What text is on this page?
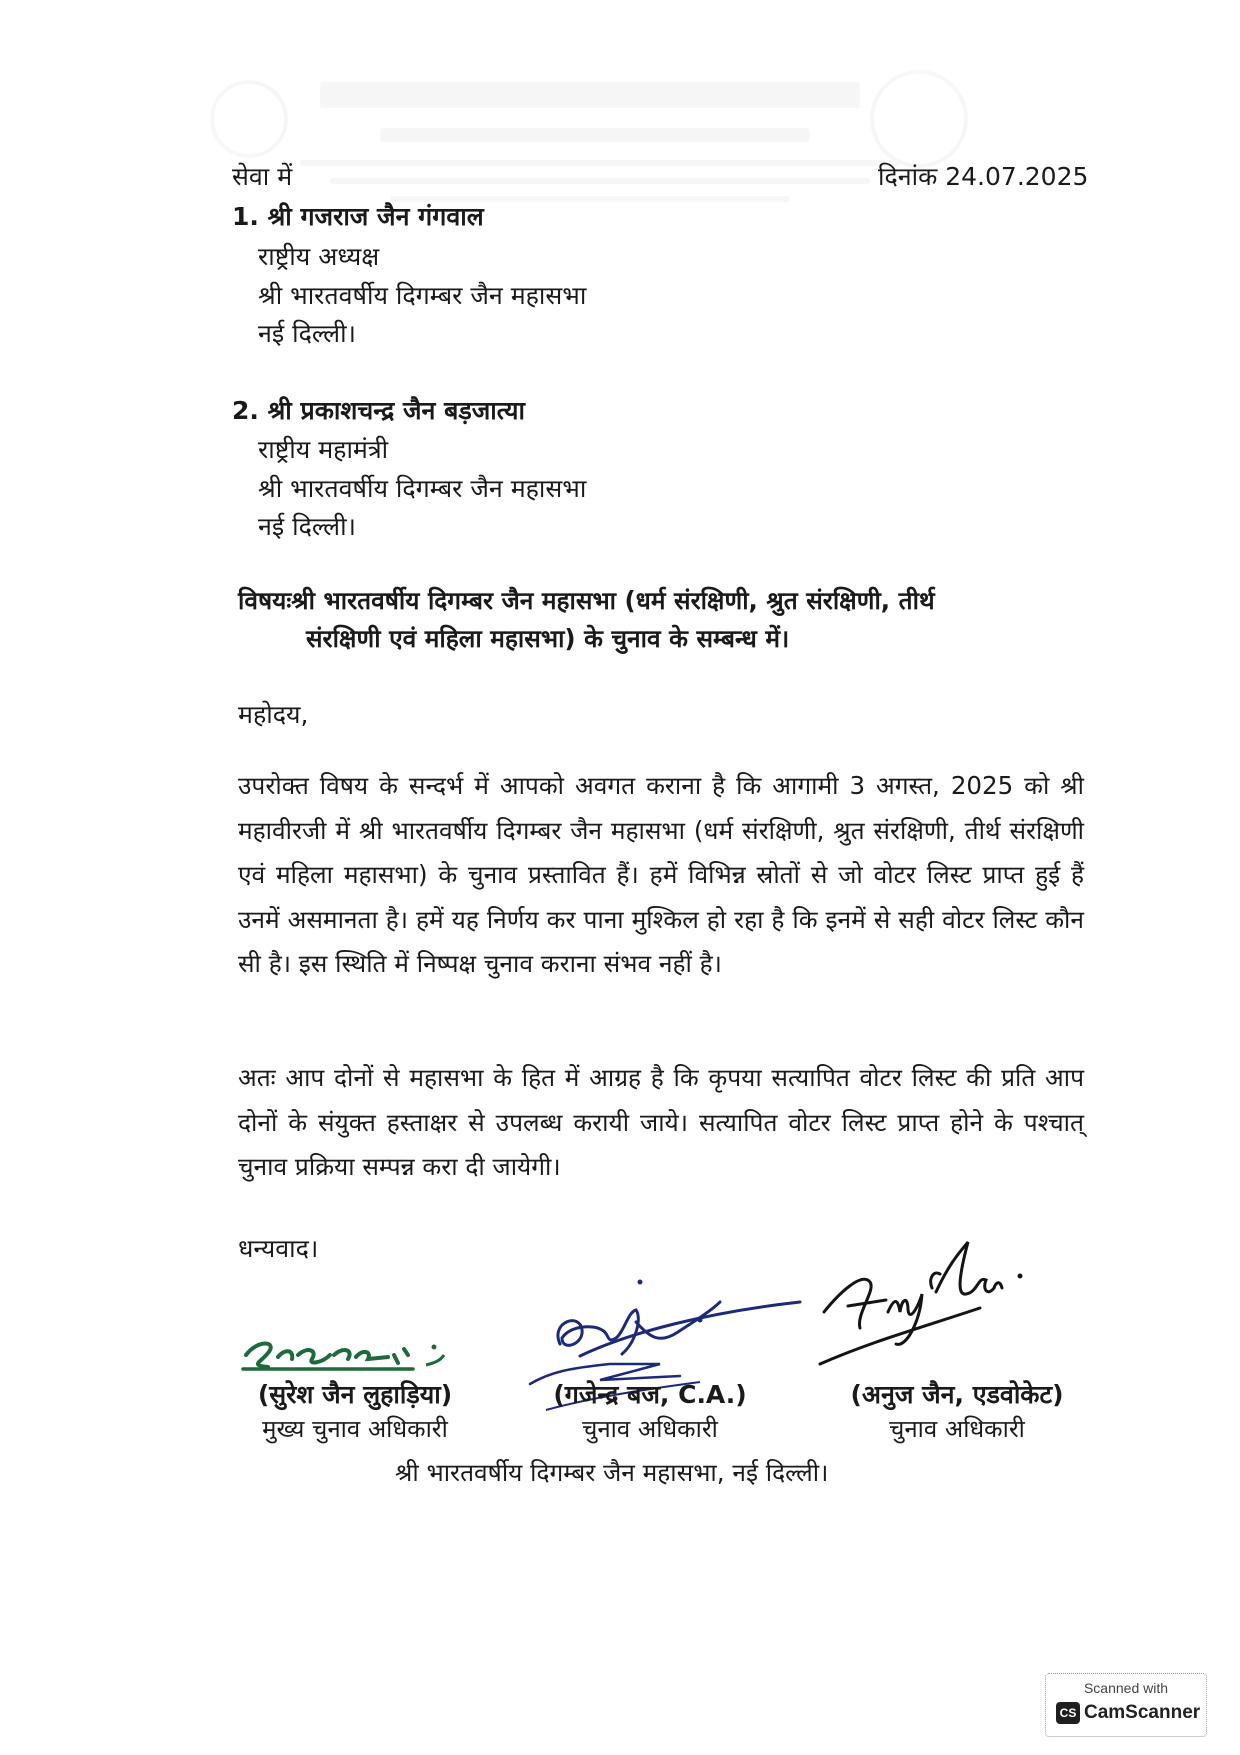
सेवा में	दिनांक 24.07.2025
1. श्री गजराज जैन गंगवाल
राष्ट्रीय अध्यक्ष
श्री भारतवर्षीय दिगम्बर जैन महासभा
नई दिल्ली।
2. श्री प्रकाशचन्द्र जैन बड़जात्या
राष्ट्रीय महामंत्री
श्री भारतवर्षीय दिगम्बर जैन महासभा
नई दिल्ली।
विषयःश्री भारतवर्षीय दिगम्बर जैन महासभा (धर्म संरक्षिणी, श्रुत संरक्षिणी, तीर्थ
संरक्षिणी एवं महिला महासभा) के चुनाव के सम्बन्ध में।
महोदय,
उपरोक्त विषय के सन्दर्भ में आपको अवगत कराना है कि आगामी 3 अगस्त, 2025 को श्री महावीरजी में श्री भारतवर्षीय दिगम्बर जैन महासभा (धर्म संरक्षिणी, श्रुत संरक्षिणी, तीर्थ संरक्षिणी एवं महिला महासभा) के चुनाव प्रस्तावित हैं। हमें विभिन्न स्रोतों से जो वोटर लिस्ट प्राप्त हुई हैं उनमें असमानता है। हमें यह निर्णय कर पाना मुश्किल हो रहा है कि इनमें से सही वोटर लिस्ट कौन सी है। इस स्थिति में निष्पक्ष चुनाव कराना संभव नहीं है।
अतः आप दोनों से महासभा के हित में आग्रह है कि कृपया सत्यापित वोटर लिस्ट की प्रति आप दोनों के संयुक्त हस्ताक्षर से उपलब्ध करायी जाये। सत्यापित वोटर लिस्ट प्राप्त होने के पश्चात् चुनाव प्रक्रिया सम्पन्न करा दी जायेगी।
धन्यवाद।
(सुरेश जैन लुहाड़िया)
मुख्य चुनाव अधिकारी
(गजेन्द्र बज, C.A.)
चुनाव अधिकारी
(अनुज जैन, एडवोकेट)
चुनाव अधिकारी
श्री भारतवर्षीय दिगम्बर जैन महासभा, नई दिल्ली।
Scanned with
CS CamScanner
